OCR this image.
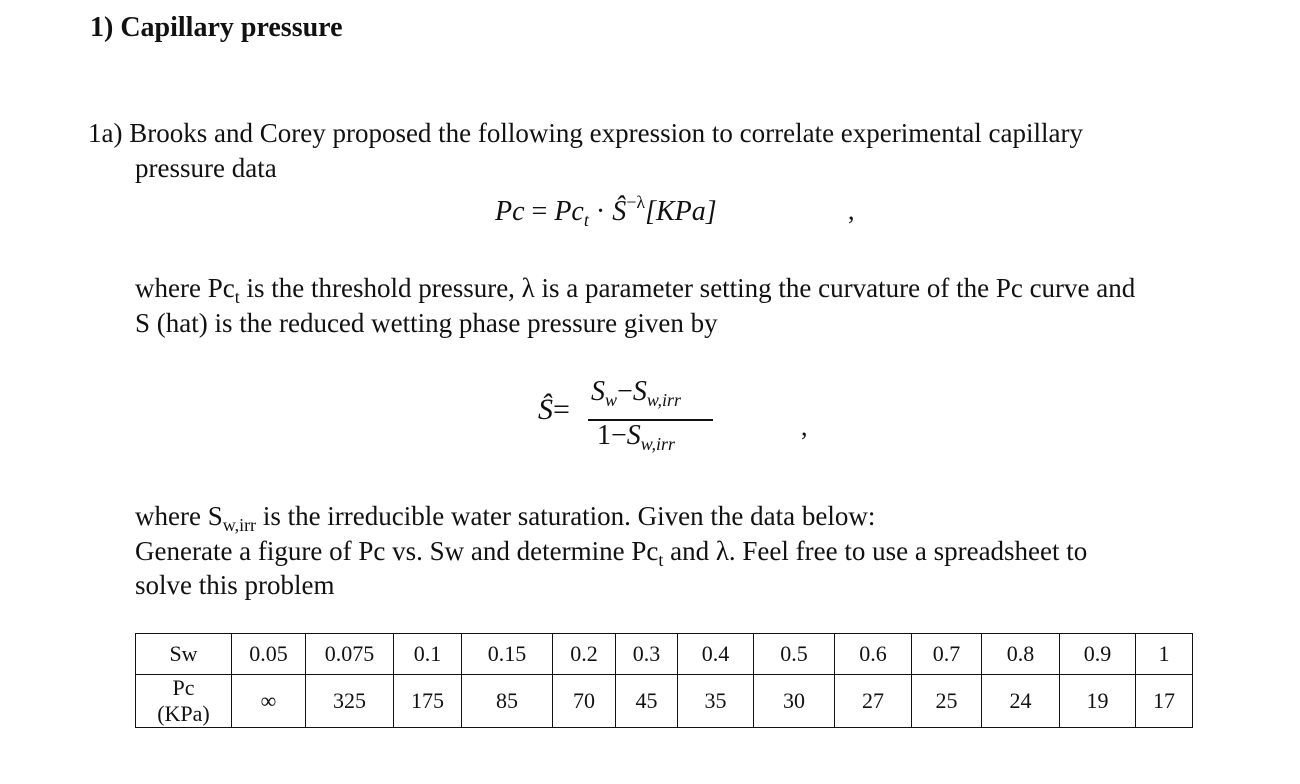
1) Capillary pressure
1a) Brooks and Corey proposed the following expression to correlate experimental capillary
pressure data
$Pc = Pc_t$ · $Ŝ^{-\lambda}[KPa]$	,
where $Pc_t$ is the threshold pressure, λ is a parameter setting the curvature of the Pc curve and
S (hat) is the reduced wetting phase pressure given by
Ŝ=
$S_w-S_{w,irr}$
$1-S_{w,irr}$
,
where $S_{w,irr}$ is the irreducible water saturation. Given the data below:
Generate a figure of Pc vs. Sw and determine $Pc_t$ and λ. Feel free to use a spreadsheet to
solve this problem
Sw	0.05	0.075	0.1	0.15	0.2	0.3	0.4	0.5	0.6	0.7	0.8	0.9	1
Pc
(KPa)	∞	325	175	85	70	45	35	30	27	25	24	19	17
